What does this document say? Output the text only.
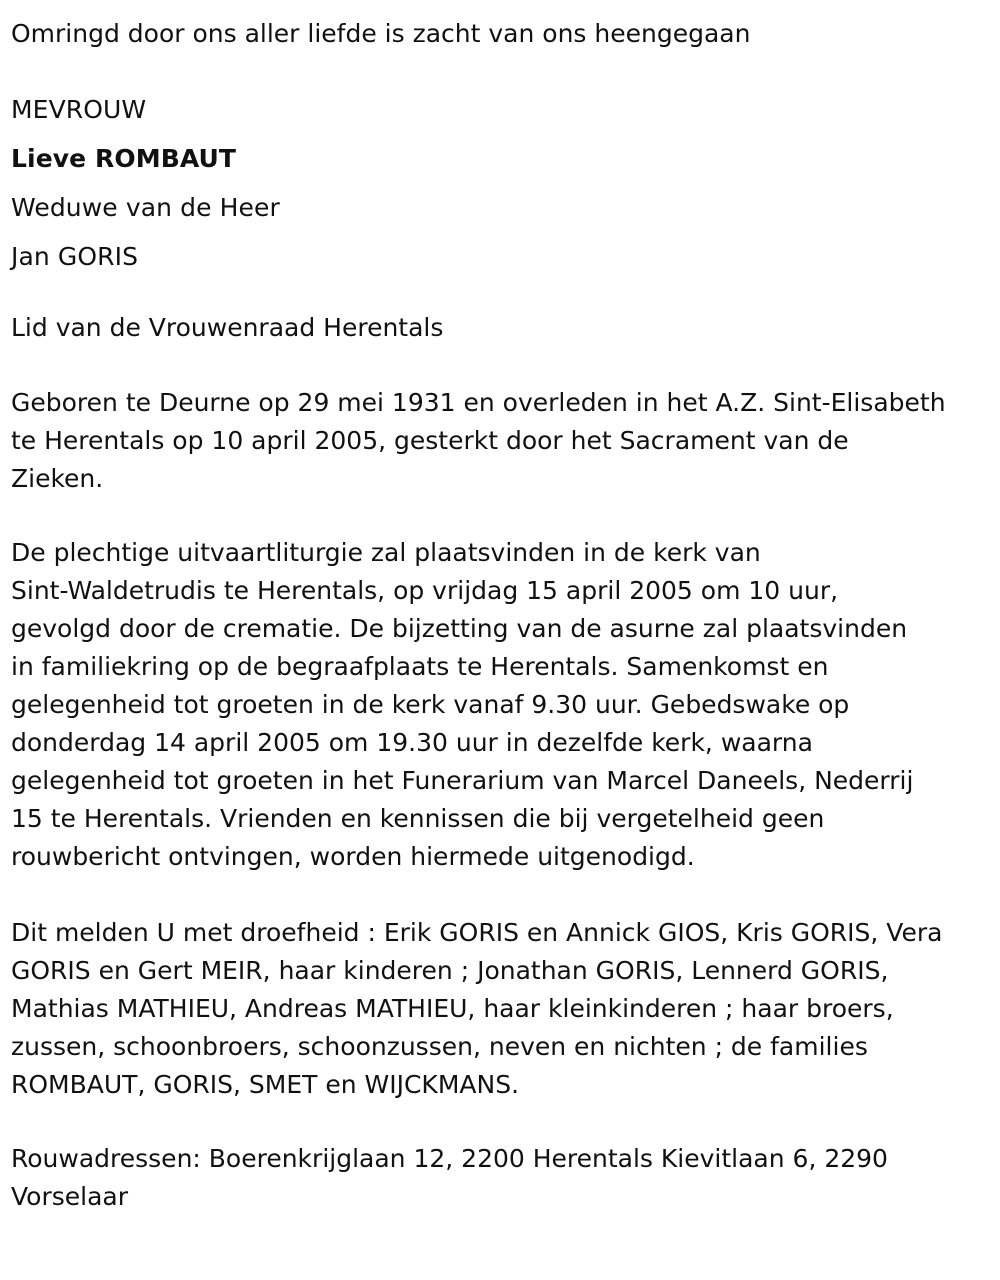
Omringd door ons aller liefde is zacht van ons heengegaan

MEVROUW
Lieve ROMBAUT
Weduwe van de Heer
Jan GORIS
Lid van de Vrouwenraad Herentals
Geboren te Deurne op 29 mei 1931 en overleden in het A.Z. Sint-Elisabeth
te Herentals op 10 april 2005, gesterkt door het Sacrament van de
Zieken.
De plechtige uitvaartliturgie zal plaatsvinden in de kerk van
Sint-Waldetrudis te Herentals, op vrijdag 15 april 2005 om 10 uur,
gevolgd door de crematie. De bijzetting van de asurne zal plaatsvinden
in familiekring op de begraafplaats te Herentals. Samenkomst en
gelegenheid tot groeten in de kerk vanaf 9.30 uur. Gebedswake op
donderdag 14 april 2005 om 19.30 uur in dezelfde kerk, waarna
gelegenheid tot groeten in het Funerarium van Marcel Daneels, Nederrij
15 te Herentals. Vrienden en kennissen die bij vergetelheid geen
rouwbericht ontvingen, worden hiermede uitgenodigd.
Dit melden U met droefheid : Erik GORIS en Annick GIOS, Kris GORIS, Vera
GORIS en Gert MEIR, haar kinderen ; Jonathan GORIS, Lennerd GORIS,
Mathias MATHIEU, Andreas MATHIEU, haar kleinkinderen ; haar broers,
zussen, schoonbroers, schoonzussen, neven en nichten ; de families
ROMBAUT, GORIS, SMET en WIJCKMANS.
Rouwadressen: Boerenkrijglaan 12, 2200 Herentals Kievitlaan 6, 2290
Vorselaar
